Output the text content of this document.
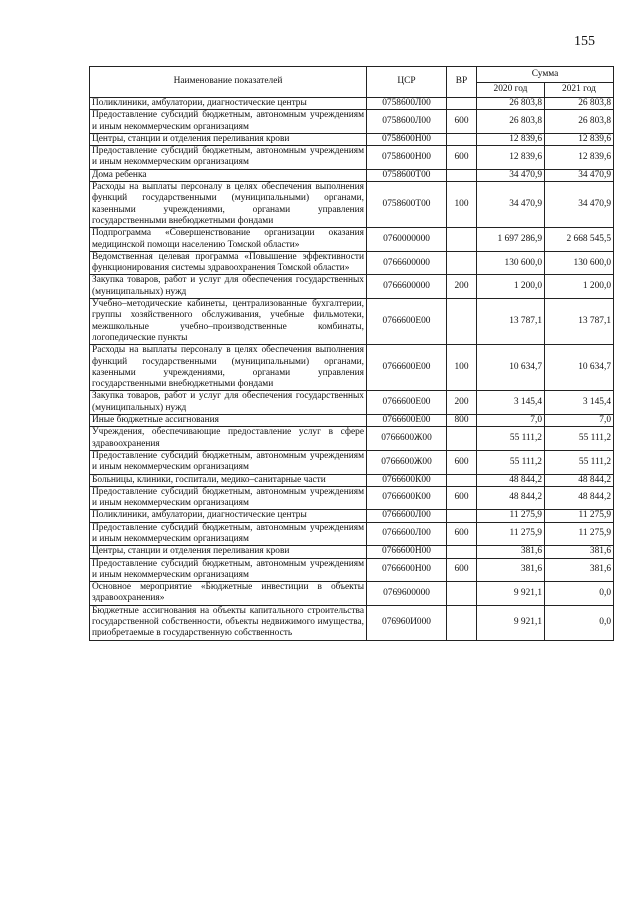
155
Наименование показателей	ЦСР	ВР	Сумма	
			2020 год	2021 год
Поликлиники, амбулатории, диагностические центры	0758600Л00		26 803,8	26 803,8
Предоставление субсидий бюджетным, автономным учреждениям и иным некоммерческим организациям	0758600Л00	600	26 803,8	26 803,8
Центры, станции и отделения переливания крови	0758600Н00		12 839,6	12 839,6
Предоставление субсидий бюджетным, автономным учреждениям и иным некоммерческим организациям	0758600Н00	600	12 839,6	12 839,6
Дома ребенка	0758600Т00		34 470,9	34 470,9
Расходы на выплаты персоналу в целях обеспечения выполнения функций государственными (муниципальными) органами, казенными учреждениями, органами управления государственными внебюджетными фондами	0758600Т00	100	34 470,9	34 470,9
Подпрограмма «Совершенствование организации оказания медицинской помощи населению Томской области»	0760000000		1 697 286,9	2 668 545,5
Ведомственная целевая программа «Повышение эффективности функционирования системы здравоохранения Томской области»	0766600000		130 600,0	130 600,0
Закупка товаров, работ и услуг для обеспечения государственных (муниципальных) нужд	0766600000	200	1 200,0	1 200,0
Учебно–методические кабинеты, централизованные бухгалтерии, группы хозяйственного обслуживания, учебные фильмотеки, межшкольные учебно–производственные комбинаты, логопедические пункты	0766600Е00		13 787,1	13 787,1
Расходы на выплаты персоналу в целях обеспечения выполнения функций государственными (муниципальными) органами, казенными учреждениями, органами управления государственными внебюджетными фондами	0766600Е00	100	10 634,7	10 634,7
Закупка товаров, работ и услуг для обеспечения государственных (муниципальных) нужд	0766600Е00	200	3 145,4	3 145,4
Иные бюджетные ассигнования	0766600Е00	800	7,0	7,0
Учреждения, обеспечивающие предоставление услуг в сфере здравоохранения	0766600Ж00		55 111,2	55 111,2
Предоставление субсидий бюджетным, автономным учреждениям и иным некоммерческим организациям	0766600Ж00	600	55 111,2	55 111,2
Больницы, клиники, госпитали, медико–санитарные части	0766600К00		48 844,2	48 844,2
Предоставление субсидий бюджетным, автономным учреждениям и иным некоммерческим организациям	0766600К00	600	48 844,2	48 844,2
Поликлиники, амбулатории, диагностические центры	0766600Л00		11 275,9	11 275,9
Предоставление субсидий бюджетным, автономным учреждениям и иным некоммерческим организациям	0766600Л00	600	11 275,9	11 275,9
Центры, станции и отделения переливания крови	0766600Н00		381,6	381,6
Предоставление субсидий бюджетным, автономным учреждениям и иным некоммерческим организациям	0766600Н00	600	381,6	381,6
Основное мероприятие «Бюджетные инвестиции в объекты здравоохранения»	0769600000		9 921,1	0,0
Бюджетные ассигнования на объекты капитального строительства государственной собственности, объекты недвижимого имущества, приобретаемые в государственную собственность	076960И000		9 921,1	0,0
